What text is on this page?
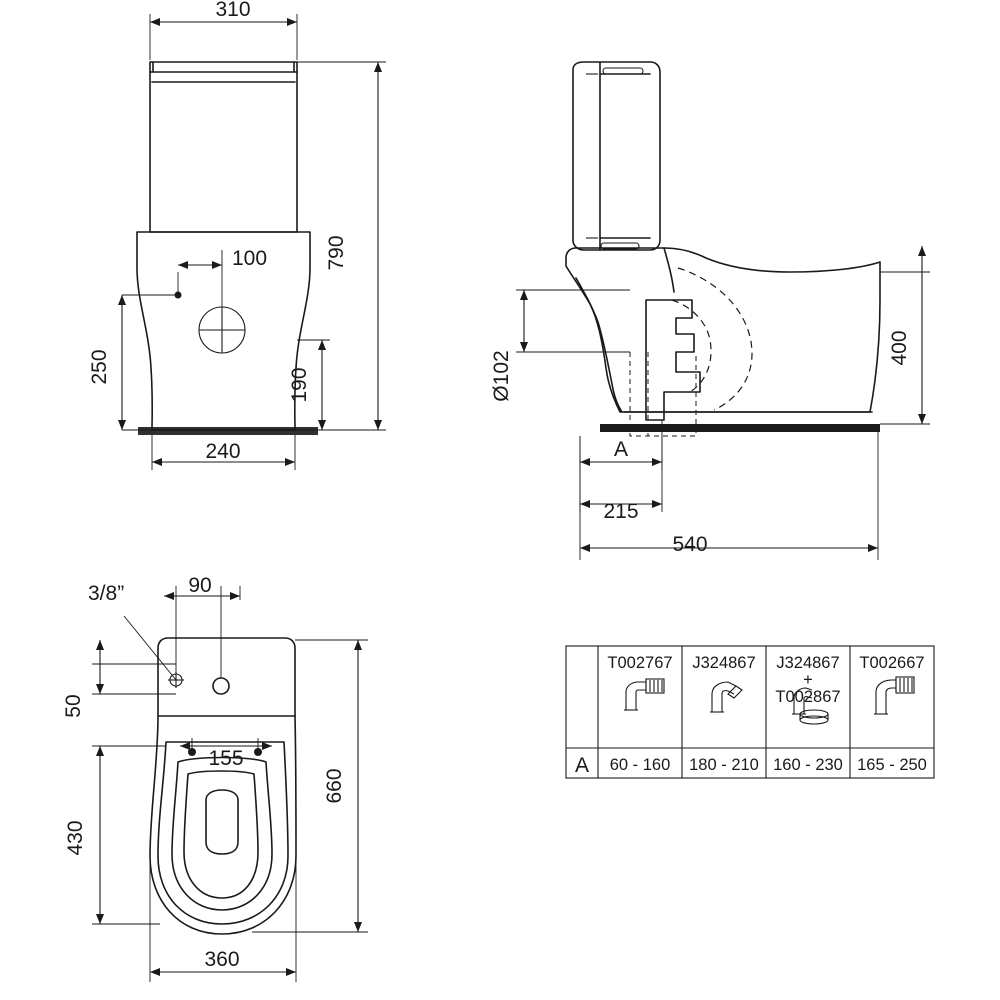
310
790
100
250
190
240
Ø102
400
A
215
540
3/8”	90
50
155
660
430
360
T002767 J324867 J324867
+
T002867
T002667
A 60 - 160 180 - 210 160 - 230 165 - 250
